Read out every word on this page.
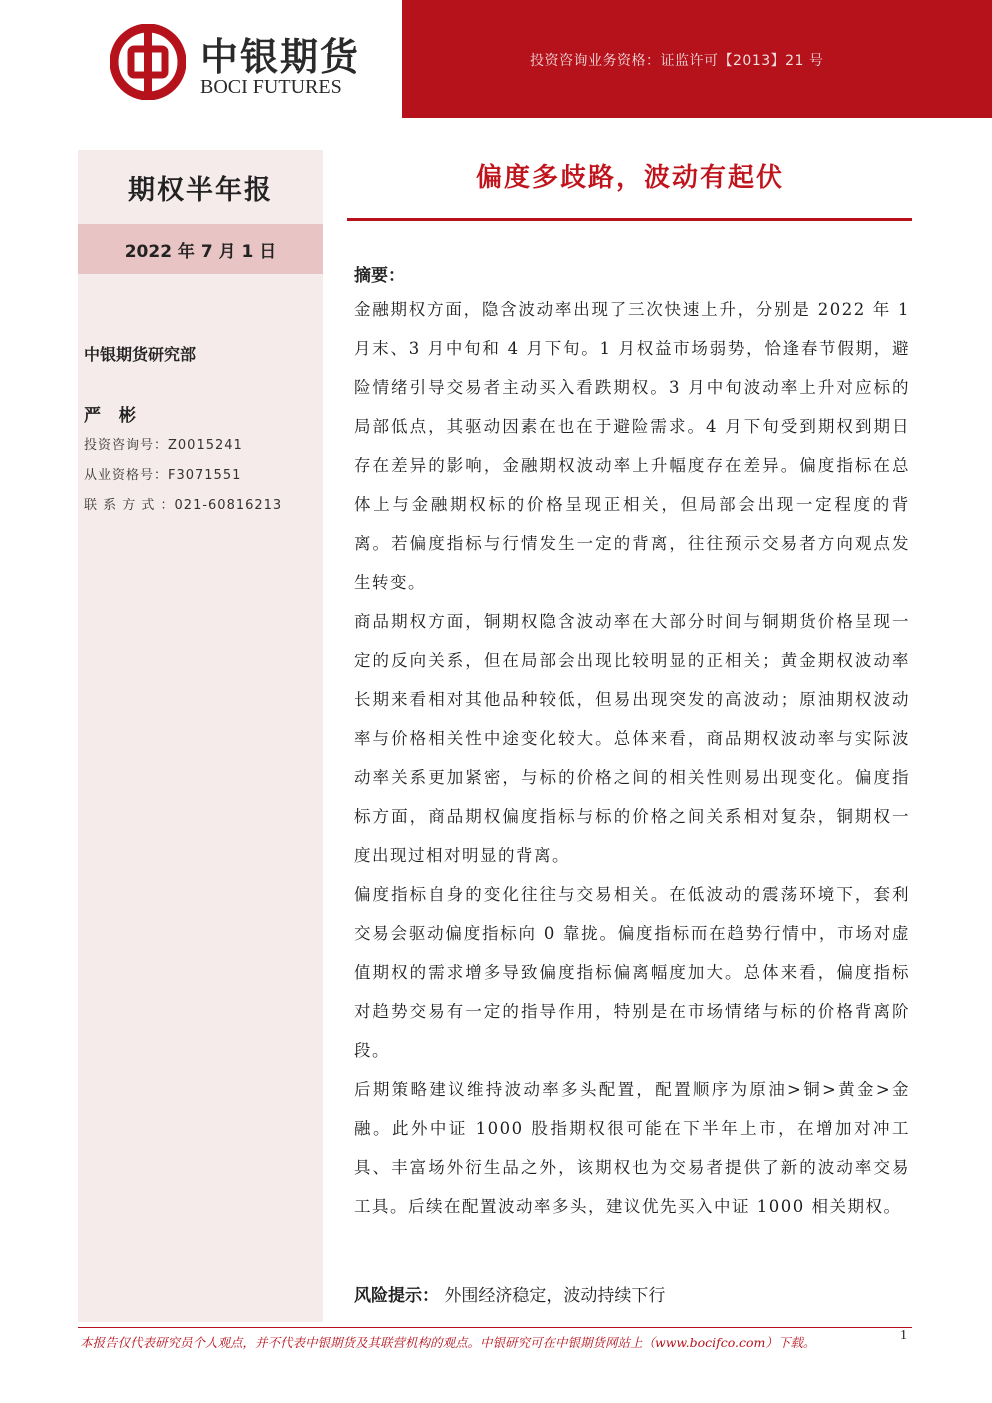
投资咨询业务资格：证监许可【2013】21 号
中银期货
BOCI FUTURES
期权半年报
2022 年 7 月 1 日
中银期货研究部
严 彬
投资咨询号：Z0015241
从业资格号：F3071551
联 系 方 式 ：021-60816213
偏度多歧路，波动有起伏
摘要：

金融期权方面，隐含波动率出现了三次快速上升，分别是 2022 年 1 月末、3 月中旬和 4 月下旬。1 月权益市场弱势，恰逢春节假期，避险情绪引导交易者主动买入看跌期权。3 月中旬波动率上升对应标的局部低点，其驱动因素在也在于避险需求。4 月下旬受到期权到期日存在差异的影响，金融期权波动率上升幅度存在差异。偏度指标在总体上与金融期权标的价格呈现正相关，但局部会出现一定程度的背离。若偏度指标与行情发生一定的背离，往往预示交易者方向观点发生转变。

商品期权方面，铜期权隐含波动率在大部分时间与铜期货价格呈现一定的反向关系，但在局部会出现比较明显的正相关；黄金期权波动率长期来看相对其他品种较低，但易出现突发的高波动；原油期权波动率与价格相关性中途变化较大。总体来看，商品期权波动率与实际波动率关系更加紧密，与标的价格之间的相关性则易出现变化。偏度指标方面，商品期权偏度指标与标的价格之间关系相对复杂，铜期权一度出现过相对明显的背离。

偏度指标自身的变化往往与交易相关。在低波动的震荡环境下，套利交易会驱动偏度指标向 0 靠拢。偏度指标而在趋势行情中，市场对虚值期权的需求增多导致偏度指标偏离幅度加大。总体来看，偏度指标对趋势交易有一定的指导作用，特别是在市场情绪与标的价格背离阶段。

后期策略建议维持波动率多头配置，配置顺序为原油>铜>黄金>金融。此外中证 1000 股指期权很可能在下半年上市，在增加对冲工具、丰富场外衍生品之外，该期权也为交易者提供了新的波动率交易工具。后续在配置波动率多头，建议优先买入中证 1000 相关期权。

风险提示： 外围经济稳定，波动持续下行
本报告仅代表研究员个人观点，并不代表中银期货及其联营机构的观点。中银研究可在中银期货网站上（www.bocifco.com）下载。	1
